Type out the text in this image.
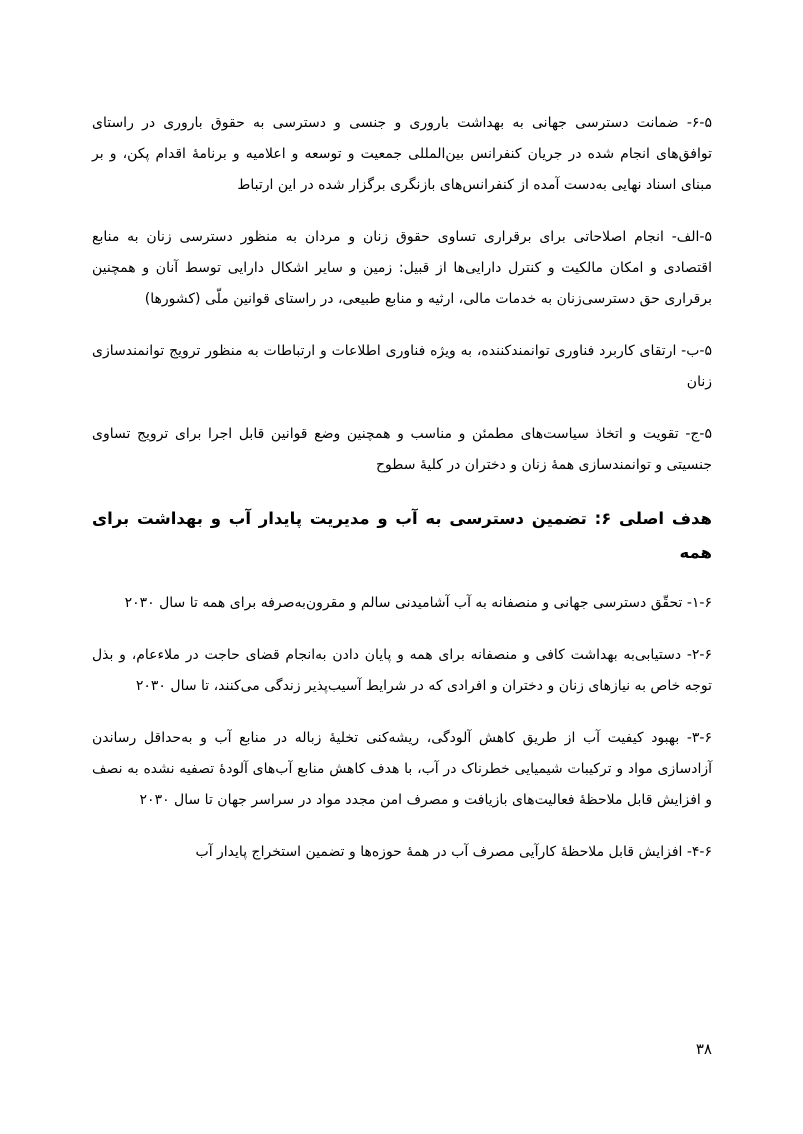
۶-۵- ضمانت دسترسی جهانی به بهداشت باروری و جنسی و دسترسی به حقوق باروری در راستای توافق‌های انجام شده در جریان کنفرانس بین‌المللی جمعیت و توسعه و اعلامیه و برنامهٔ اقدام پکن، و بر مبنای اسناد نهایی به‌دست آمده از کنفرانس‌های بازنگری برگزار شده در این ارتباط

۵-الف- انجام اصلاحاتی برای برقراری تساوی حقوق زنان و مردان به منظور دسترسی زنان به منابع اقتصادی و امکان مالکیت و کنترل دارایی‌ها از قبیل: زمین و سایر اشکال دارایی توسط آنان و همچنین برقراری حق دسترسی‌زنان به خدمات مالی، ارثیه و منابع طبیعی، در راستای قوانین ملّی (کشورها)

۵-ب- ارتقای کاربرد فناوری توانمندکننده، به ویژه فناوری اطلاعات و ارتباطات به منظور ترویج توانمندسازی زنان

۵-ج- تقویت و اتخاذ سیاست‌های مطمئن و مناسب و همچنین وضع قوانین قابل اجرا برای ترویج تساوی جنسیتی و توانمندسازی همهٔ زنان و دختران در کلیهٔ سطوح

هدف اصلی ۶: تضمین دسترسی به آب و مدیریت پایدار آب و بهداشت برای همه

۱-۶- تحقّق دسترسی جهانی و منصفانه به آب آشامیدنی سالم و مقرون‌به‌صرفه برای همه تا سال ۲۰۳۰

۲-۶- دستیابی‌به بهداشت کافی و منصفانه برای همه و پایان دادن به‌انجام قضای حاجت در ملاءعام، و بذل توجه خاص به نیازهای زنان و دختران و افرادی که در شرایط آسیب‌پذیر زندگی می‌کنند، تا سال ۲۰۳۰

۳-۶- بهبود کیفیت آب از طریق کاهش آلودگی، ریشه‌کنی تخلیهٔ زباله در منابع آب و به‌حداقل رساندن آزادسازی مواد و ترکیبات شیمیایی خطرناک در آب، با هدف کاهش منابع آب‌های آلودهٔ تصفیه نشده به نصف و افزایش قابل ملاحظهٔ فعالیت‌های بازیافت و مصرف امن مجدد مواد در سراسر جهان تا سال ۲۰۳۰

۴-۶- افزایش قابل ملاحظهٔ کارآیی مصرف آب در همهٔ حوزه‌ها و تضمین استخراج پایدار آب

۳۸
